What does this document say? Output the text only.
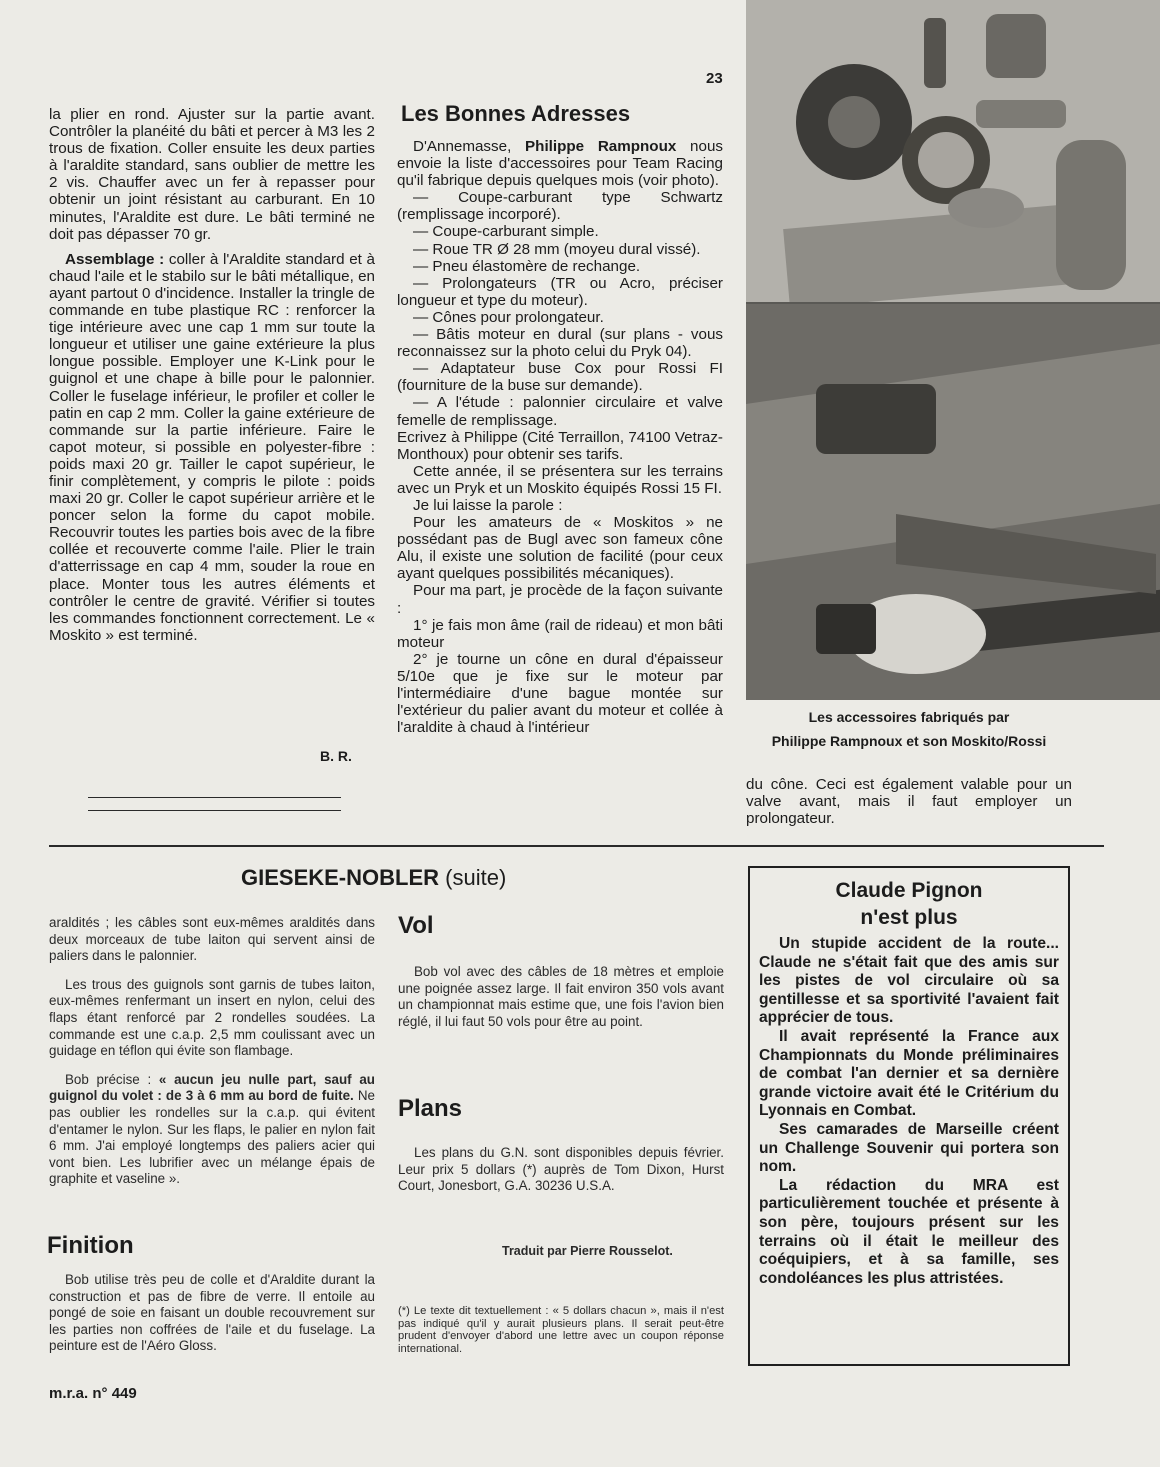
23

la plier en rond. Ajuster sur la partie avant. Contrôler la planéité du bâti et percer à M3 les 2 trous de fixation. Coller ensuite les deux parties à l'araldite standard, sans oublier de mettre les 2 vis. Chauffer avec un fer à repasser pour obtenir un joint résistant au carburant. En 10 minutes, l'Araldite est dure. Le bâti terminé ne doit pas dépasser 70 gr.

Assemblage : coller à l'Araldite standard et à chaud l'aile et le stabilo sur le bâti métallique, en ayant partout 0 d'incidence. Installer la tringle de commande en tube plastique RC : renforcer la tige intérieure avec une cap 1 mm sur toute la longueur et utiliser une gaine extérieure la plus longue possible. Employer une K-Link pour le guignol et une chape à bille pour le palonnier. Coller le fuselage inférieur, le profiler et coller le patin en cap 2 mm. Coller la gaine extérieure de commande sur la partie inférieure. Faire le capot moteur, si possible en polyester-fibre : poids maxi 20 gr. Tailler le capot supérieur, le finir complètement, y compris le pilote : poids maxi 20 gr. Coller le capot supérieur arrière et le poncer selon la forme du capot mobile. Recouvrir toutes les parties bois avec de la fibre collée et recouverte comme l'aile. Plier le train d'atterrissage en cap 4 mm, souder la roue en place. Monter tous les autres éléments et contrôler le centre de gravité. Vérifier si toutes les commandes fonctionnent correctement. Le « Moskito » est terminé.

B. R.
Les Bonnes Adresses

D'Annemasse, Philippe Rampnoux nous envoie la liste d'accessoires pour Team Racing qu'il fabrique depuis quelques mois (voir photo).

— Coupe-carburant type Schwartz (remplissage incorporé).

— Coupe-carburant simple.

— Roue TR Ø 28 mm (moyeu dural vissé).

— Pneu élastomère de rechange.

— Prolongateurs (TR ou Acro, préciser longueur et type du moteur).

— Cônes pour prolongateur.

— Bâtis moteur en dural (sur plans - vous reconnaissez sur la photo celui du Pryk 04).

— Adaptateur buse Cox pour Rossi FI (fourniture de la buse sur demande).

— A l'étude : palonnier circulaire et valve femelle de remplissage.

Ecrivez à Philippe (Cité Terraillon, 74100 Vetraz-Monthoux) pour obtenir ses tarifs.

Cette année, il se présentera sur les terrains avec un Pryk et un Moskito équipés Rossi 15 FI.

Je lui laisse la parole :

Pour les amateurs de « Moskitos » ne possédant pas de Bugl avec son fameux cône Alu, il existe une solution de facilité (pour ceux ayant quelques possibilités mécaniques).

Pour ma part, je procède de la façon suivante :

1° je fais mon âme (rail de rideau) et mon bâti moteur

2° je tourne un cône en dural d'épaisseur 5/10e que je fixe sur le moteur par l'intermédiaire d'une bague montée sur l'extérieur du palier avant du moteur et collée à l'araldite à chaud à l'intérieur

Les accessoires fabriqués par
Philippe Rampnoux et son Moskito/Rossi
du cône. Ceci est également valable pour un valve avant, mais il faut employer un prolongateur.
GIESEKE-NOBLER (suite)

araldités ; les câbles sont eux-mêmes araldités dans deux morceaux de tube laiton qui servent ainsi de paliers dans le palonnier.

Les trous des guignols sont garnis de tubes laiton, eux-mêmes renfermant un insert en nylon, celui des flaps étant renforcé par 2 rondelles soudées. La commande est une c.a.p. 2,5 mm coulissant avec un guidage en téflon qui évite son flambage.

Bob précise : « aucun jeu nulle part, sauf au guignol du volet : de 3 à 6 mm au bord de fuite. Ne pas oublier les rondelles sur la c.a.p. qui évitent d'entamer le nylon. Sur les flaps, le palier en nylon fait 6 mm. J'ai employé longtemps des paliers acier qui vont bien. Les lubrifier avec un mélange épais de graphite et vaseline ».

Finition

Bob utilise très peu de colle et d'Araldite durant la construction et pas de fibre de verre. Il entoile au pongé de soie en faisant un double recouvrement sur les parties non coffrées de l'aile et du fuselage. La peinture est de l'Aéro Gloss.

m.r.a. n° 449
Vol

Bob vol avec des câbles de 18 mètres et emploie une poignée assez large. Il fait environ 350 vols avant un championnat mais estime que, une fois l'avion bien réglé, il lui faut 50 vols pour être au point.

Plans

Les plans du G.N. sont disponibles depuis février. Leur prix 5 dollars (*) auprès de Tom Dixon, Hurst Court, Jonesbort, G.A. 30236 U.S.A.

Traduit par Pierre Rousselot.
(*) Le texte dit textuellement : « 5 dollars chacun », mais il n'est pas indiqué qu'il y aurait plusieurs plans. Il serait peut-être prudent d'envoyer d'abord une lettre avec un coupon réponse international.
Claude Pignon
n'est plus

Un stupide accident de la route... Claude ne s'était fait que des amis sur les pistes de vol circulaire où sa gentillesse et sa sportivité l'avaient fait apprécier de tous.

Il avait représenté la France aux Championnats du Monde préliminaires de combat l'an dernier et sa dernière grande victoire avait été le Critérium du Lyonnais en Combat.

Ses camarades de Marseille créent un Challenge Souvenir qui portera son nom.

La rédaction du MRA est particulièrement touchée et présente à son père, toujours présent sur les terrains où il était le meilleur des coéquipiers, et à sa famille, ses condoléances les plus attristées.
